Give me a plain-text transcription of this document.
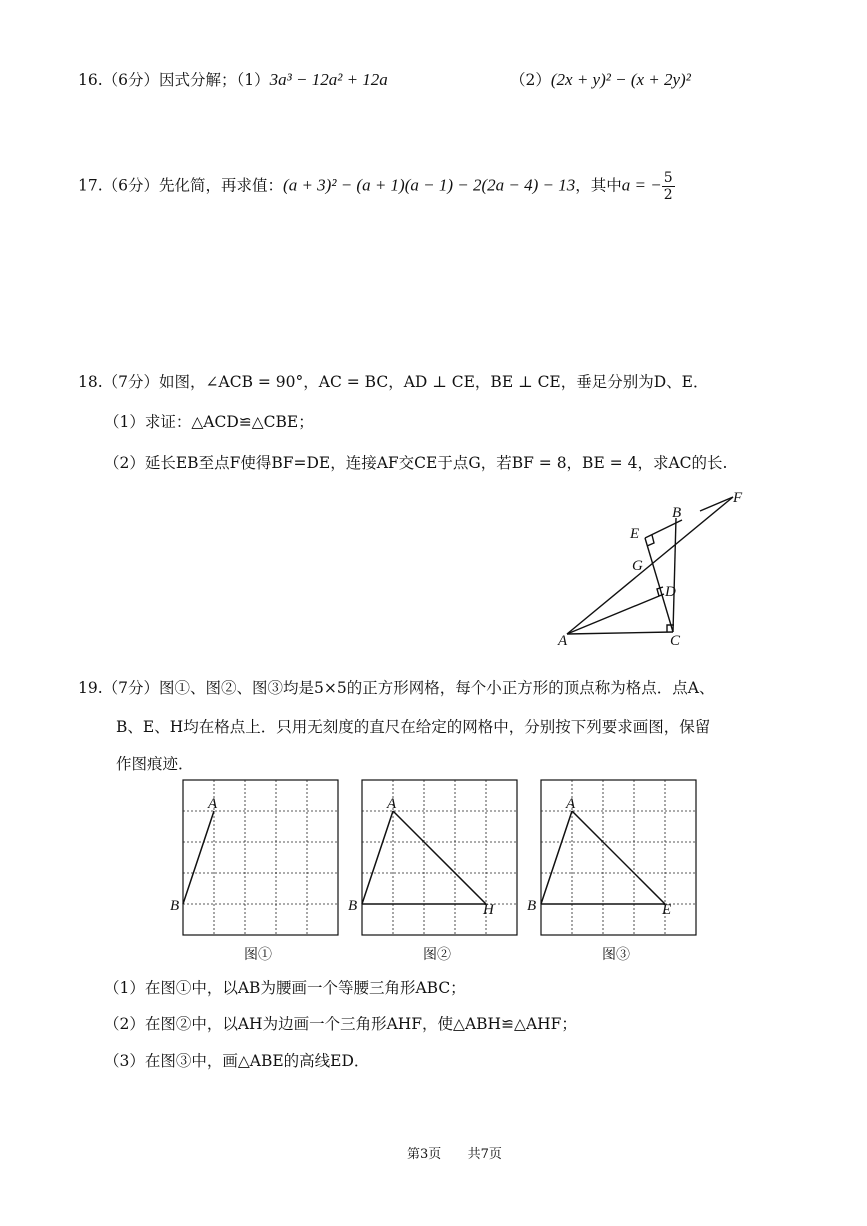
16.（6分）因式分解；（1）3a³ − 12a² + 12a	（2）(2x + y)² − (x + 2y)²
17.（6分）先化简，再求值：(a + 3)² − (a + 1)(a − 1) − 2(2a − 4) − 13，其中a = − $\frac{5}{2}$
18.（7分）如图，∠ACB = 90°，AC = BC，AD ⊥ CE，BE ⊥ CE，垂足分别为D、E．
（1）求证：△ACD≌△CBE；
（2）延长EB至点F使得BF=DE，连接AF交CE于点G，若BF = 8，BE = 4，求AC的长.
A	C
B
F
E
G
D
19.（7分）图①、图②、图③均是5×5的正方形网格，每个小正方形的顶点称为格点．点A、
B、E、H均在格点上．只用无刻度的直尺在给定的网格中，分别按下列要求画图，保留
作图痕迹．
A
B
A
B	H
A
B	E
图①	图②	图③
（1）在图①中，以AB为腰画一个等腰三角形ABC；
（2）在图②中，以AH为边画一个三角形AHF，使△ABH≌△AHF；
（3）在图③中，画△ABE的高线ED．
第3页 共7页
